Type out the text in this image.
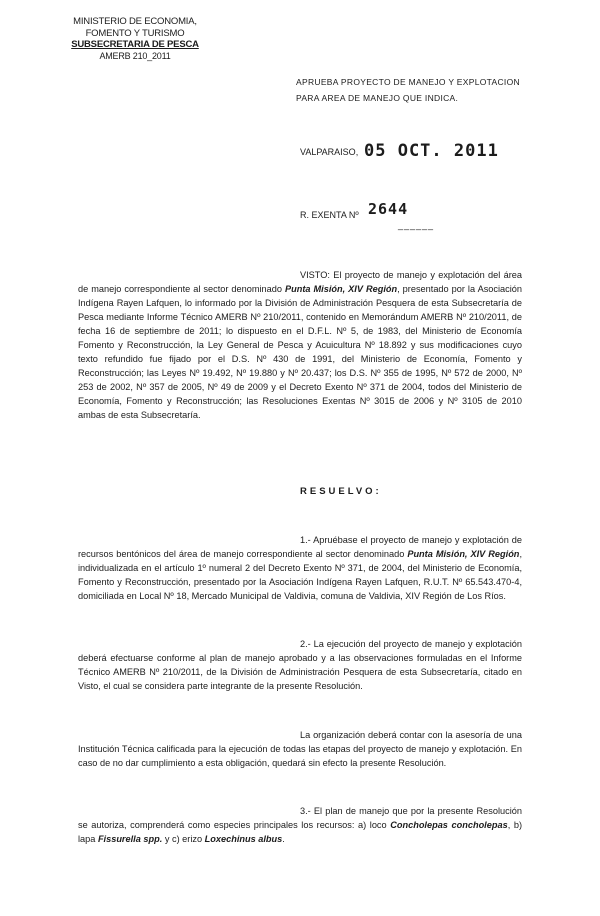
MINISTERIO DE ECONOMIA,
FOMENTO Y TURISMO
SUBSECRETARIA DE PESCA
AMERB 210_2011
APRUEBA PROYECTO DE MANEJO Y EXPLOTACION
PARA AREA DE MANEJO QUE INDICA.
VALPARAISO, 05 OCT. 2011
R. EXENTA Nº 2644
______
VISTO: El proyecto de manejo y explotación del área de manejo correspondiente al sector denominado Punta Misión, XIV Región, presentado por la Asociación Indígena Rayen Lafquen, lo informado por la División de Administración Pesquera de esta Subsecretaría de Pesca mediante Informe Técnico AMERB Nº 210/2011, contenido en Memorándum AMERB Nº 210/2011, de fecha 16 de septiembre de 2011; lo dispuesto en el D.F.L. Nº 5, de 1983, del Ministerio de Economía Fomento y Reconstrucción, la Ley General de Pesca y Acuicultura Nº 18.892 y sus modificaciones cuyo texto refundido fue fijado por el D.S. Nº 430 de 1991, del Ministerio de Economía, Fomento y Reconstrucción; las Leyes Nº 19.492, Nº 19.880 y Nº 20.437; los D.S. Nº 355 de 1995, Nº 572 de 2000, Nº 253 de 2002, Nº 357 de 2005, Nº 49 de 2009 y el Decreto Exento Nº 371 de 2004, todos del Ministerio de Economía, Fomento y Reconstrucción; las Resoluciones Exentas Nº 3015 de 2006 y Nº 3105 de 2010 ambas de esta Subsecretaría.
RESUELVO:
1.- Apruébase el proyecto de manejo y explotación de recursos bentónicos del área de manejo correspondiente al sector denominado Punta Misión, XIV Región, individualizada en el artículo 1º numeral 2 del Decreto Exento Nº 371, de 2004, del Ministerio de Economía, Fomento y Reconstrucción, presentado por la Asociación Indígena Rayen Lafquen, R.U.T. Nº 65.543.470-4, domiciliada en Local Nº 18, Mercado Municipal de Valdivia, comuna de Valdivia, XIV Región de Los Ríos.
2.- La ejecución del proyecto de manejo y explotación deberá efectuarse conforme al plan de manejo aprobado y a las observaciones formuladas en el Informe Técnico AMERB Nº 210/2011, de la División de Administración Pesquera de esta Subsecretaría, citado en Visto, el cual se considera parte integrante de la presente Resolución.
La organización deberá contar con la asesoría de una Institución Técnica calificada para la ejecución de todas las etapas del proyecto de manejo y explotación. En caso de no dar cumplimiento a esta obligación, quedará sin efecto la presente Resolución.
3.- El plan de manejo que por la presente Resolución se autoriza, comprenderá como especies principales los recursos: a) loco Concholepas concholepas, b) lapa Fissurella spp. y c) erizo Loxechinus albus.
